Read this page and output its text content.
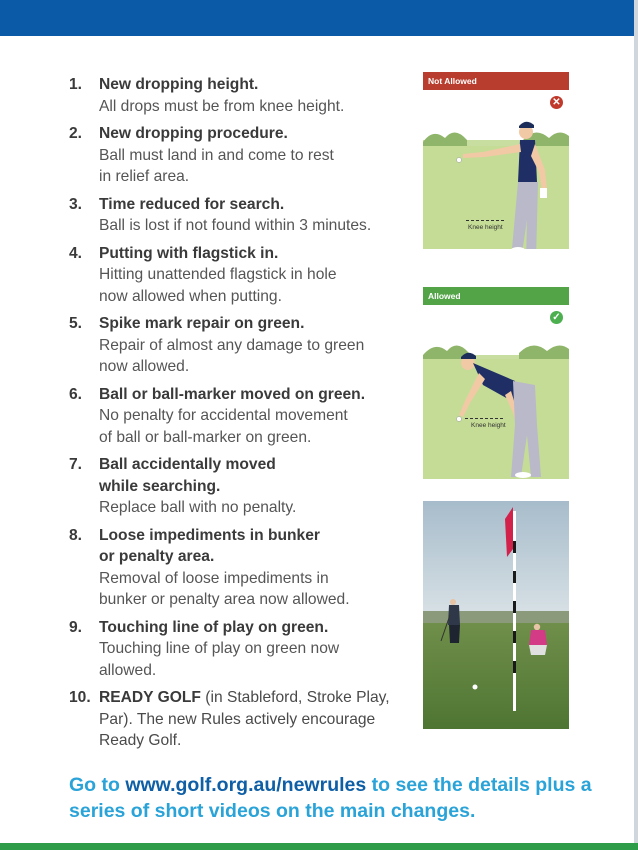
1. New dropping height.
All drops must be from knee height.
2. New dropping procedure.
Ball must land in and come to rest
in relief area.
3. Time reduced for search.
Ball is lost if not found within 3 minutes.
4. Putting with flagstick in.
Hitting unattended flagstick in hole
now allowed when putting.
5. Spike mark repair on green.
Repair of almost any damage to green
now allowed.
6. Ball or ball-marker moved on green.
No penalty for accidental movement
of ball or ball-marker on green.
7. Ball accidentally moved
while searching.
Replace ball with no penalty.
8. Loose impediments in bunker
or penalty area.
Removal of loose impediments in
bunker or penalty area now allowed.
9. Touching line of play on green.
Touching line of play on green now
allowed.
10. READY GOLF (in Stableford, Stroke Play, Par). The new Rules actively encourage Ready Golf.
Not Allowed
Knee height
✕
Allowed
Knee height
✓
Go to www.golf.org.au/newrules to see the details plus a series of short videos on the main changes.
